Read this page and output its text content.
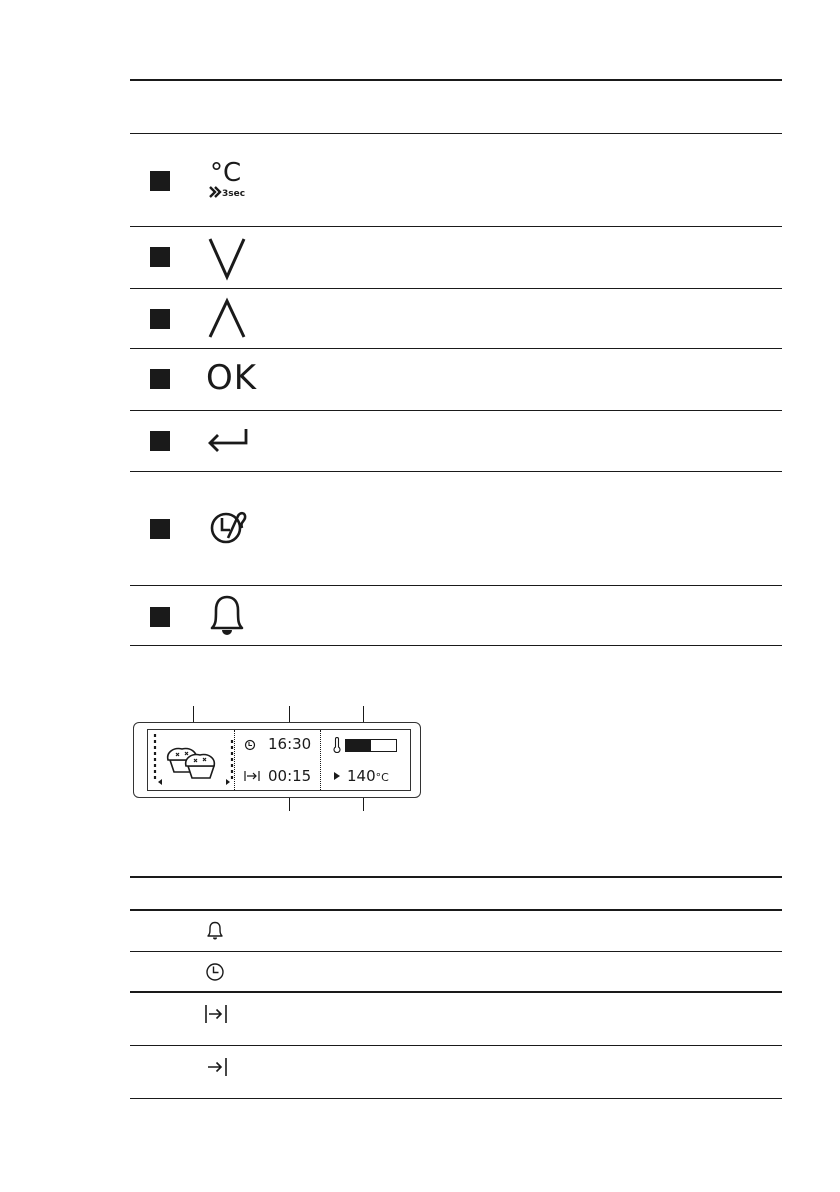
°C
3sec
OK
16:30
00:15 140°C
